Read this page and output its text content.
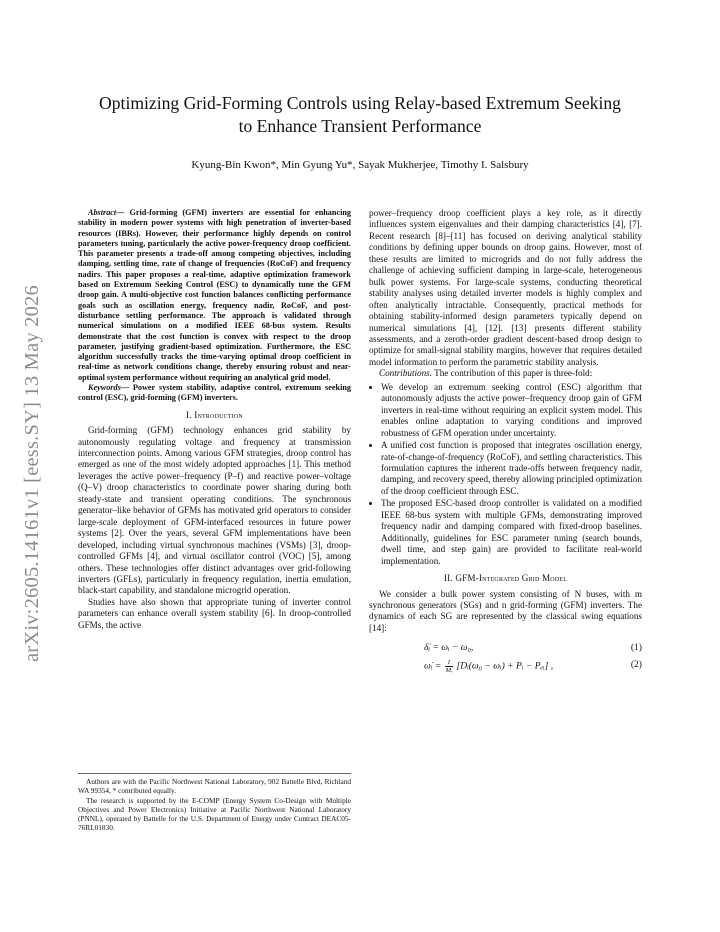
arXiv:2605.14161v1 [eess.SY] 13 May 2026
Optimizing Grid-Forming Controls using Relay-based Extremum Seeking
to Enhance Transient Performance
Kyung-Bin Kwon*, Min Gyung Yu*, Sayak Mukherjee, Timothy I. Salsbury

Abstract— Grid-forming (GFM) inverters are essential for enhancing stability in modern power systems with high penetration of inverter-based resources (IBRs). However, their performance highly depends on control parameters tuning, particularly the active power-frequency droop coefficient. This parameter presents a trade-off among competing objectives, including damping, settling time, rate of change of frequencies (RoCoF) and frequency nadirs. This paper proposes a real-time, adaptive optimization framework based on Extremum Seeking Control (ESC) to dynamically tune the GFM droop gain. A multi-objective cost function balances conflicting performance goals such as oscillation energy, frequency nadir, RoCoF, and post-disturbance settling performance. The approach is validated through numerical simulations on a modified IEEE 68-bus system. Results demonstrate that the cost function is convex with respect to the droop parameter, justifying gradient-based optimization. Furthermore, the ESC algorithm successfully tracks the time-varying optimal droop coefficient in real-time as network conditions change, thereby ensuring robust and near-optimal system performance without requiring an analytical grid model.

Keywords— Power system stability, adaptive control, extremum seeking control (ESC), grid-forming (GFM) inverters.

I. Introduction

Grid-forming (GFM) technology enhances grid stability by autonomously regulating voltage and frequency at transmission interconnection points. Among various GFM strategies, droop control has emerged as one of the most widely adopted approaches [1]. This method leverages the active power–frequency (P–f) and reactive power–voltage (Q–V) droop characteristics to coordinate power sharing during both steady-state and transient operating conditions. The synchronous generator–like behavior of GFMs has motivated grid operators to consider large-scale deployment of GFM-interfaced resources in future power systems [2]. Over the years, several GFM implementations have been developed, including virtual synchronous machines (VSMs) [3], droop-controlled GFMs [4], and virtual oscillator control (VOC) [5], among others. These technologies offer distinct advantages over grid-following inverters (GFLs), particularly in frequency regulation, inertia emulation, black-start capability, and standalone microgrid operation.

Studies have also shown that appropriate tuning of inverter control parameters can enhance overall system stability [6]. In droop-controlled GFMs, the active

Authors are with the Pacific Northwest National Laboratory, 902 Battelle Blvd, Richland WA 99354, * contributed equally.

The research is supported by the E-COMP (Energy System Co-Design with Multiple Objectives and Power Electronics) Initiative at Pacific Northwest National Laboratory (PNNL), operated by Battelle for the U.S. Department of Energy under Contract DEAC05-76RL01830.

power–frequency droop coefficient plays a key role, as it directly influences system eigenvalues and their damping characteristics [4], [7]. Recent research [8]–[11] has focused on deriving analytical stability conditions by defining upper bounds on droop gains. However, most of these results are limited to microgrids and do not fully address the challenge of achieving sufficient damping in large-scale, heterogeneous bulk power systems. For large-scale systems, conducting theoretical stability analyses using detailed inverter models is highly complex and often analytically intractable. Consequently, practical methods for obtaining stability-informed design parameters typically depend on numerical simulations [4], [12]. [13] presents different stability assessments, and a zeroth-order gradient descent-based droop design to optimize for small-signal stability margins, however that requires detailed model information to perform the parametric stability analysis.

Contributions. The contribution of this paper is three-fold:

• We develop an extremum seeking control (ESC) algorithm that autonomously adjusts the active power–frequency droop gain of GFM inverters in real-time without requiring an explicit system model. This enables online adaptation to varying conditions and improved robustness of GFM operation under uncertainty.
• A unified cost function is proposed that integrates oscillation energy, rate-of-change-of-frequency (RoCoF), and settling characteristics. This formulation captures the inherent trade-offs between frequency nadir, damping, and recovery speed, thereby allowing principled optimization of the droop coefficient through ESC.
• The proposed ESC-based droop controller is validated on a modified IEEE 68-bus system with multiple GFMs, demonstrating improved frequency nadir and damping compared with fixed-droop baselines. Additionally, guidelines for ESC parameter tuning (search bounds, dwell time, and step gain) are provided to facilitate real-world implementation.
II. GFM-Integrated Grid Model

We consider a bulk power system consisting of N buses, with m synchronous generators (SGs) and n grid-forming (GFM) inverters. The dynamics of each SG are represented by the classical swing equations [14]:

δ̇ᵢ = ωᵢ − ω₀,	(1)
ω̇ᵢ = $\frac{1}{\text{Mᵢ}}$ [Dᵢ(ω₀ − ωᵢ) + Pᵢ − Pₑᵢ] ,	(2)
